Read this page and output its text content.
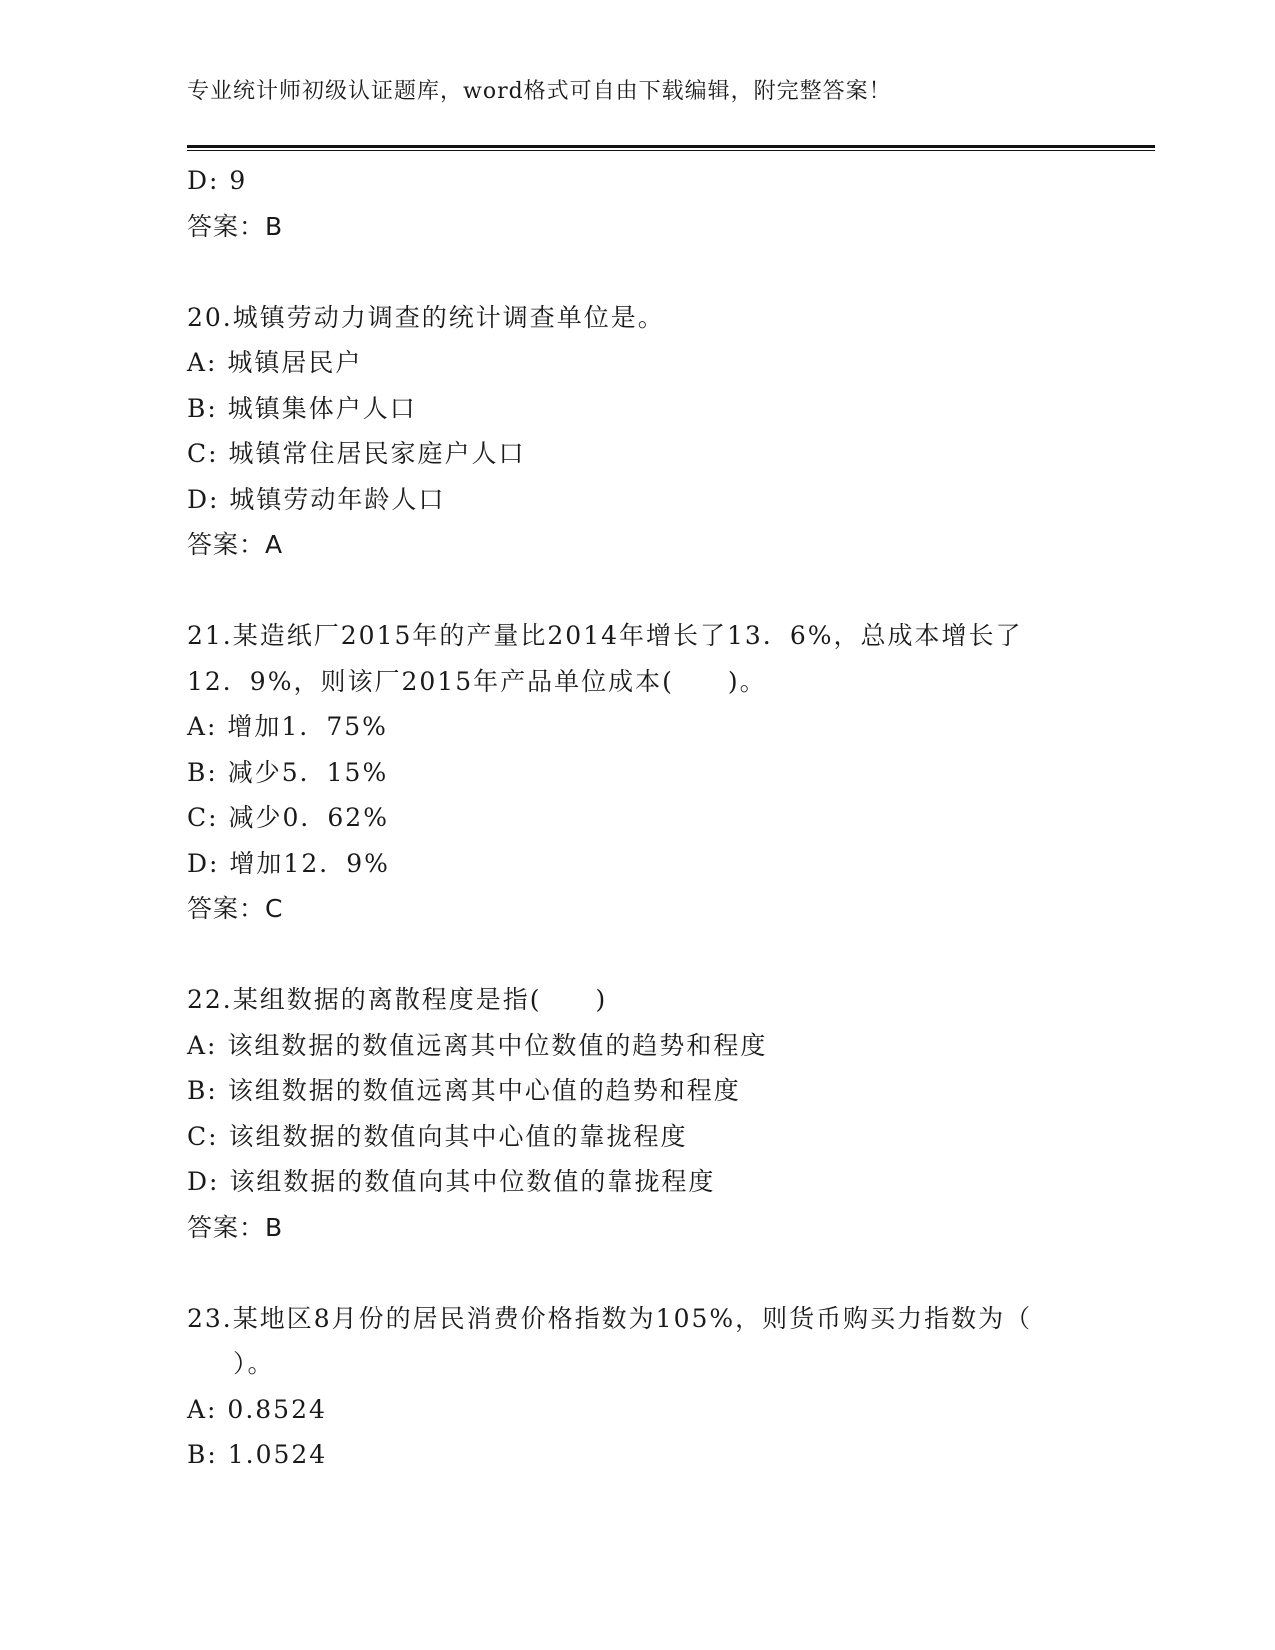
专业统计师初级认证题库，word格式可自由下载编辑，附完整答案！
D: 9
答案：B
20.城镇劳动力调查的统计调查单位是。
A: 城镇居民户
B: 城镇集体户人口
C: 城镇常住居民家庭户人口
D: 城镇劳动年龄人口
答案：A
21.某造纸厂2015年的产量比2014年增长了13．6%，总成本增长了
12．9%，则该厂2015年产品单位成本(　　)。
A: 增加1．75%
B: 减少5．15%
C: 减少0．62%
D: 增加12．9%
答案：C
22.某组数据的离散程度是指(　　)
A: 该组数据的数值远离其中位数值的趋势和程度
B: 该组数据的数值远离其中心值的趋势和程度
C: 该组数据的数值向其中心值的靠拢程度
D: 该组数据的数值向其中位数值的靠拢程度
答案：B
23.某地区8月份的居民消费价格指数为105%，则货币购买力指数为（
）。
A: 0.8524
B: 1.0524
